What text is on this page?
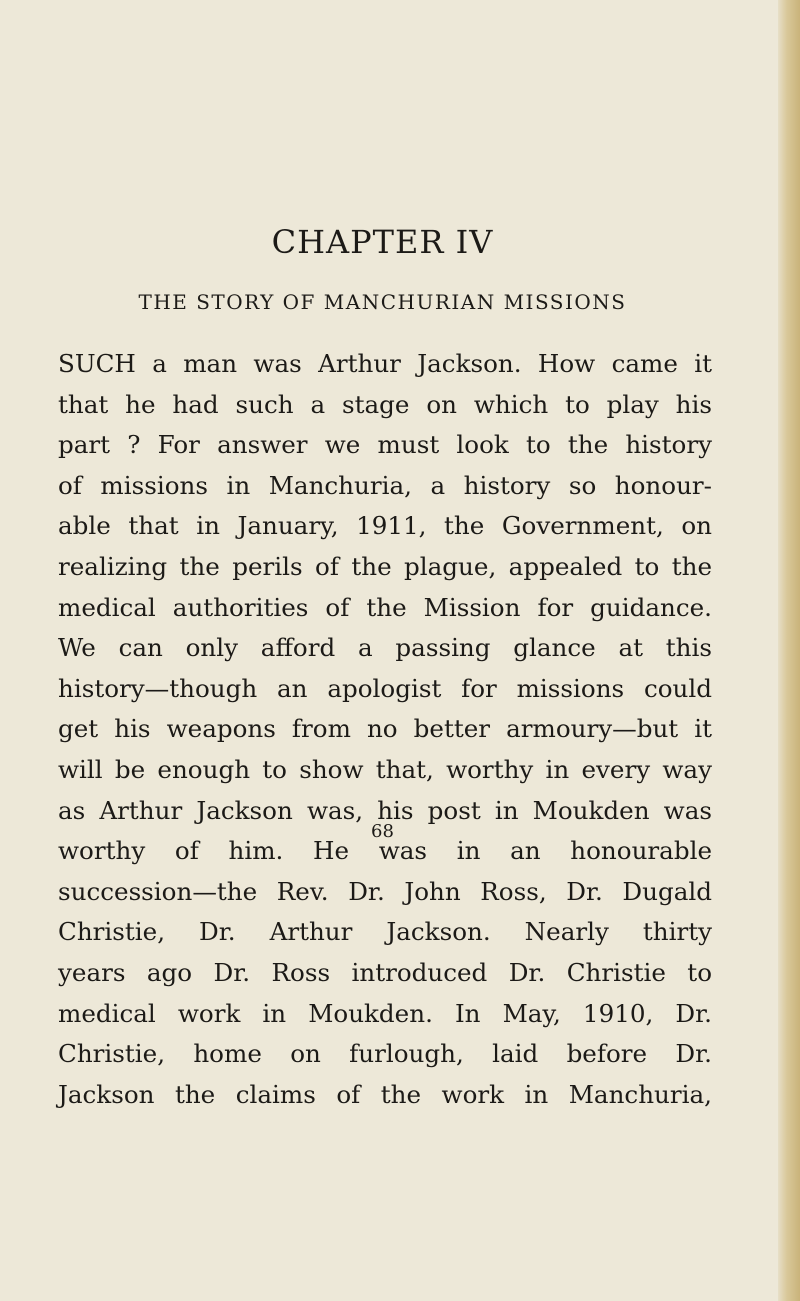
CHAPTER IV
THE STORY OF MANCHURIAN MISSIONS
SUCH a man was Arthur Jackson. How came it
that he had such a stage on which to play his
part ? For answer we must look to the history
of missions in Manchuria, a history so honour-
able that in January, 1911, the Government, on
realizing the perils of the plague, appealed to the
medical authorities of the Mission for guidance.
We can only afford a passing glance at this
history—though an apologist for missions could
get his weapons from no better armoury—but it
will be enough to show that, worthy in every way
as Arthur Jackson was, his post in Moukden was
worthy of him. He was in an honourable
succession—the Rev. Dr. John Ross, Dr. Dugald
Christie, Dr. Arthur Jackson. Nearly thirty
years ago Dr. Ross introduced Dr. Christie to
medical work in Moukden. In May, 1910, Dr.
Christie, home on furlough, laid before Dr.
Jackson the claims of the work in Manchuria,
68
